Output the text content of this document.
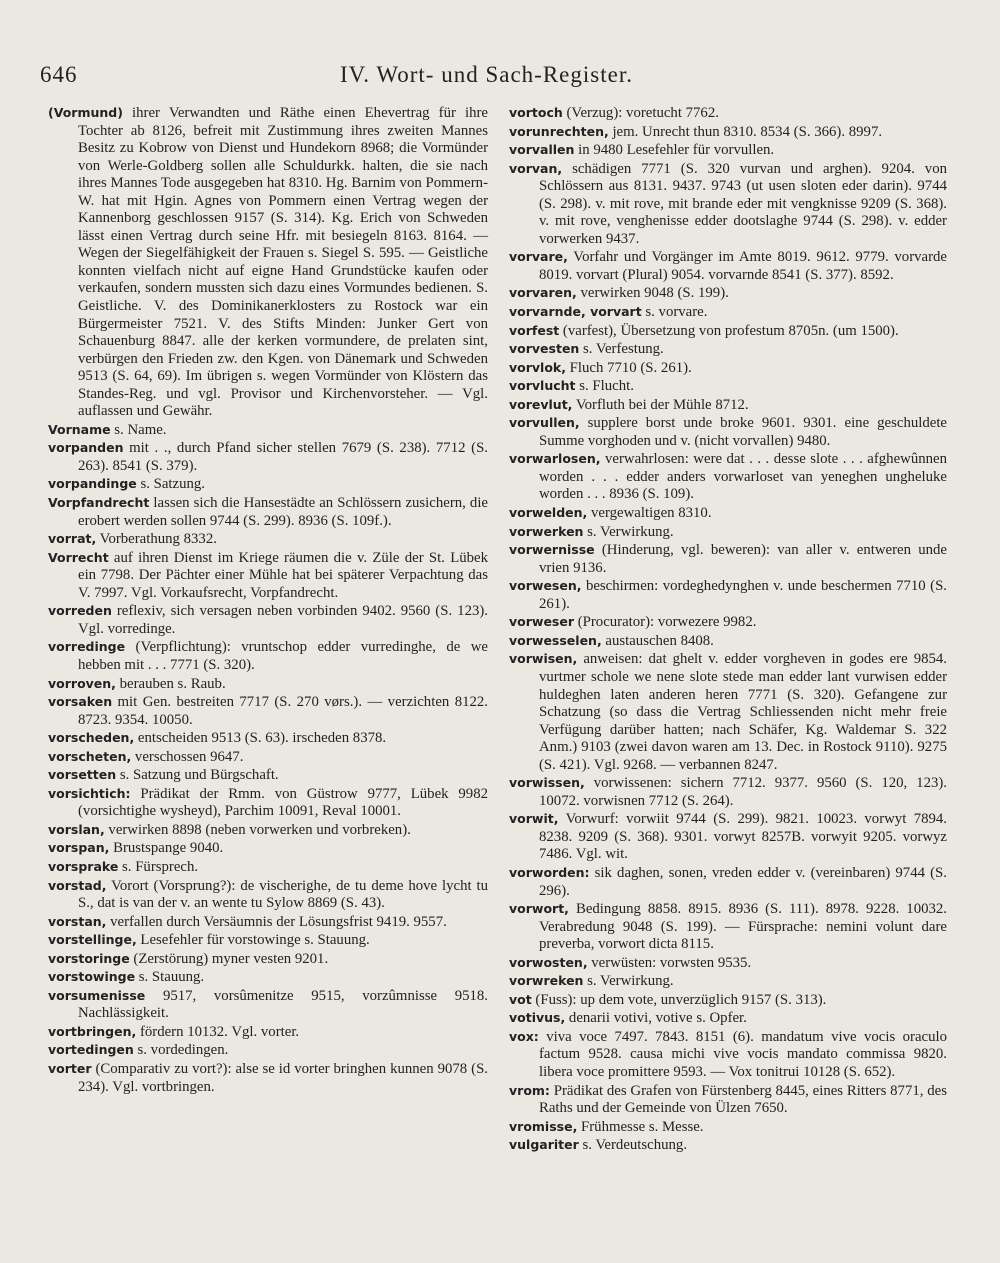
646	IV. Wort- und Sach-Register.

(Vormund) ihrer Verwandten und Räthe einen Ehevertrag für ihre Tochter ab 8126, befreit mit Zustimmung ihres zweiten Mannes Besitz zu Kobrow von Dienst und Hundekorn 8968; die Vormünder von Werle-Goldberg sollen alle Schuldurkk. halten, die sie nach ihres Mannes Tode ausgegeben hat 8310. Hg. Barnim von Pommern-W. hat mit Hgin. Agnes von Pommern einen Vertrag wegen der Kannenborg geschlossen 9157 (S. 314). Kg. Erich von Schweden lässt einen Vertrag durch seine Hfr. mit besiegeln 8163. 8164. — Wegen der Siegelfähigkeit der Frauen s. Siegel S. 595. — Geistliche konnten vielfach nicht auf eigne Hand Grundstücke kaufen oder verkaufen, sondern mussten sich dazu eines Vormundes bedienen. S. Geistliche. V. des Dominikanerklosters zu Rostock war ein Bürgermeister 7521. V. des Stifts Minden: Junker Gert von Schauenburg 8847. alle der kerken vormundere, de prelaten sint, verbürgen den Frieden zw. den Kgen. von Dänemark und Schweden 9513 (S. 64, 69). Im übrigen s. wegen Vormünder von Klöstern das Standes-Reg. und vgl. Provisor und Kirchenvorsteher. — Vgl. auflassen und Gewähr.

Vorname s. Name.

vorpanden mit . ., durch Pfand sicher stellen 7679 (S. 238). 7712 (S. 263). 8541 (S. 379).

vorpandinge s. Satzung.

Vorpfandrecht lassen sich die Hansestädte an Schlössern zusichern, die erobert werden sollen 9744 (S. 299). 8936 (S. 109f.).

vorrat, Vorberathung 8332.

Vorrecht auf ihren Dienst im Kriege räumen die v. Züle der St. Lübek ein 7798. Der Pächter einer Mühle hat bei späterer Verpachtung das V. 7997. Vgl. Vorkaufsrecht, Vorpfandrecht.

vorreden reflexiv, sich versagen neben vorbinden 9402. 9560 (S. 123). Vgl. vorredinge.

vorredinge (Verpflichtung): vruntschop edder vurredinghe, de we hebben mit . . . 7771 (S. 320).

vorroven, berauben s. Raub.

vorsaken mit Gen. bestreiten 7717 (S. 270 vørs.). — verzichten 8122. 8723. 9354. 10050.

vorscheden, entscheiden 9513 (S. 63). irscheden 8378.

vorscheten, verschossen 9647.

vorsetten s. Satzung und Bürgschaft.

vorsichtich: Prädikat der Rmm. von Güstrow 9777, Lübek 9982 (vorsichtighe wysheyd), Parchim 10091, Reval 10001.

vorslan, verwirken 8898 (neben vorwerken und vorbreken).

vorspan, Brustspange 9040.

vorsprake s. Fürsprech.

vorstad, Vorort (Vorsprung?): de vischerighe, de tu deme hove lycht tu S., dat is van der v. an wente tu Sylow 8869 (S. 43).

vorstan, verfallen durch Versäumnis der Lösungsfrist 9419. 9557.

vorstellinge, Lesefehler für vorstowinge s. Stauung.

vorstoringe (Zerstörung) myner vesten 9201.

vorstowinge s. Stauung.

vorsumenisse 9517, vorsûmenitze 9515, vorzûmnisse 9518. Nachlässigkeit.

vortbringen, fördern 10132. Vgl. vorter.

vortedingen s. vordedingen.

vorter (Comparativ zu vort?): alse se id vorter bringhen kunnen 9078 (S. 234). Vgl. vortbringen.

vortoch (Verzug): voretucht 7762.

vorunrechten, jem. Unrecht thun 8310. 8534 (S. 366). 8997.

vorvallen in 9480 Lesefehler für vorvullen.

vorvan, schädigen 7771 (S. 320 vurvan und arghen). 9204. von Schlössern aus 8131. 9437. 9743 (ut usen sloten eder darin). 9744 (S. 298). v. mit rove, mit brande eder mit vengknisse 9209 (S. 368). v. mit rove, venghenisse edder dootslaghe 9744 (S. 298). v. edder vorwerken 9437.

vorvare, Vorfahr und Vorgänger im Amte 8019. 9612. 9779. vorvarde 8019. vorvart (Plural) 9054. vorvarnde 8541 (S. 377). 8592.

vorvaren, verwirken 9048 (S. 199).

vorvarnde, vorvart s. vorvare.

vorfest (varfest), Übersetzung von profestum 8705n. (um 1500).

vorvesten s. Verfestung.

vorvlok, Fluch 7710 (S. 261).

vorvlucht s. Flucht.

vorevlut, Vorfluth bei der Mühle 8712.

vorvullen, supplere borst unde broke 9601. 9301. eine geschuldete Summe vorghoden und v. (nicht vorvallen) 9480.

vorwarlosen, verwahrlosen: were dat . . . desse slote . . . afghewûnnen worden . . . edder anders vorwarloset van yeneghen ungheluke worden . . . 8936 (S. 109).

vorwelden, vergewaltigen 8310.

vorwerken s. Verwirkung.

vorwernisse (Hinderung, vgl. beweren): van aller v. entweren unde vrien 9136.

vorwesen, beschirmen: vordeghedynghen v. unde beschermen 7710 (S. 261).

vorweser (Procurator): vorwezere 9982.

vorwesselen, austauschen 8408.

vorwisen, anweisen: dat ghelt v. edder vorgheven in godes ere 9854. vurtmer schole we nene slote stede man edder lant vurwisen edder huldeghen laten anderen heren 7771 (S. 320). Gefangene zur Schatzung (so dass die Vertrag Schliessenden nicht mehr freie Verfügung darüber hatten; nach Schäfer, Kg. Waldemar S. 322 Anm.) 9103 (zwei davon waren am 13. Dec. in Rostock 9110). 9275 (S. 421). Vgl. 9268. — verbannen 8247.

vorwissen, vorwissenen: sichern 7712. 9377. 9560 (S. 120, 123). 10072. vorwisnen 7712 (S. 264).

vorwit, Vorwurf: vorwiit 9744 (S. 299). 9821. 10023. vorwyt 7894. 8238. 9209 (S. 368). 9301. vorwyt 8257B. vorwyit 9205. vorwyz 7486. Vgl. wit.

vorworden: sik daghen, sonen, vreden edder v. (vereinbaren) 9744 (S. 296).

vorwort, Bedingung 8858. 8915. 8936 (S. 111). 8978. 9228. 10032. Verabredung 9048 (S. 199). — Fürsprache: nemini volunt dare preverba, vorwort dicta 8115.

vorwosten, verwüsten: vorwsten 9535.

vorwreken s. Verwirkung.

vot (Fuss): up dem vote, unverzüglich 9157 (S. 313).

votivus, denarii votivi, votive s. Opfer.

vox: viva voce 7497. 7843. 8151 (6). mandatum vive vocis oraculo factum 9528. causa michi vive vocis mandato commissa 9820. libera voce promittere 9593. — Vox tonitrui 10128 (S. 652).

vrom: Prädikat des Grafen von Fürstenberg 8445, eines Ritters 8771, des Raths und der Gemeinde von Ülzen 7650.

vromisse, Frühmesse s. Messe.

vulgariter s. Verdeutschung.
